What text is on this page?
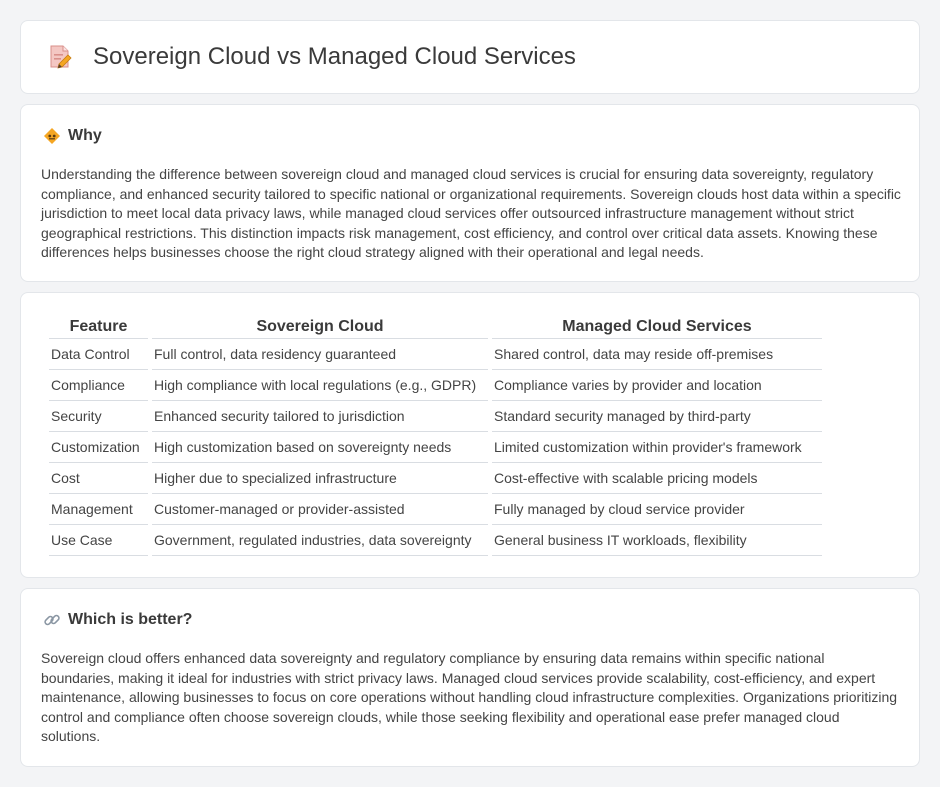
Sovereign Cloud vs Managed Cloud Services
Why

Understanding the difference between sovereign cloud and managed cloud services is crucial for ensuring data sovereignty, regulatory compliance, and enhanced security tailored to specific national or organizational requirements. Sovereign clouds host data within a specific jurisdiction to meet local data privacy laws, while managed cloud services offer outsourced infrastructure management without strict geographical restrictions. This distinction impacts risk management, cost efficiency, and control over critical data assets. Knowing these differences helps businesses choose the right cloud strategy aligned with their operational and legal needs.

Feature	Sovereign Cloud	Managed Cloud Services
Data Control	Full control, data residency guaranteed	Shared control, data may reside off-premises
Compliance	High compliance with local regulations (e.g., GDPR)	Compliance varies by provider and location
Security	Enhanced security tailored to jurisdiction	Standard security managed by third-party
Customization	High customization based on sovereignty needs	Limited customization within provider's framework
Cost	Higher due to specialized infrastructure	Cost-effective with scalable pricing models
Management	Customer-managed or provider-assisted	Fully managed by cloud service provider
Use Case	Government, regulated industries, data sovereignty	General business IT workloads, flexibility
Which is better?

Sovereign cloud offers enhanced data sovereignty and regulatory compliance by ensuring data remains within specific national boundaries, making it ideal for industries with strict privacy laws. Managed cloud services provide scalability, cost-efficiency, and expert maintenance, allowing businesses to focus on core operations without handling cloud infrastructure complexities. Organizations prioritizing control and compliance often choose sovereign clouds, while those seeking flexibility and operational ease prefer managed cloud solutions.
